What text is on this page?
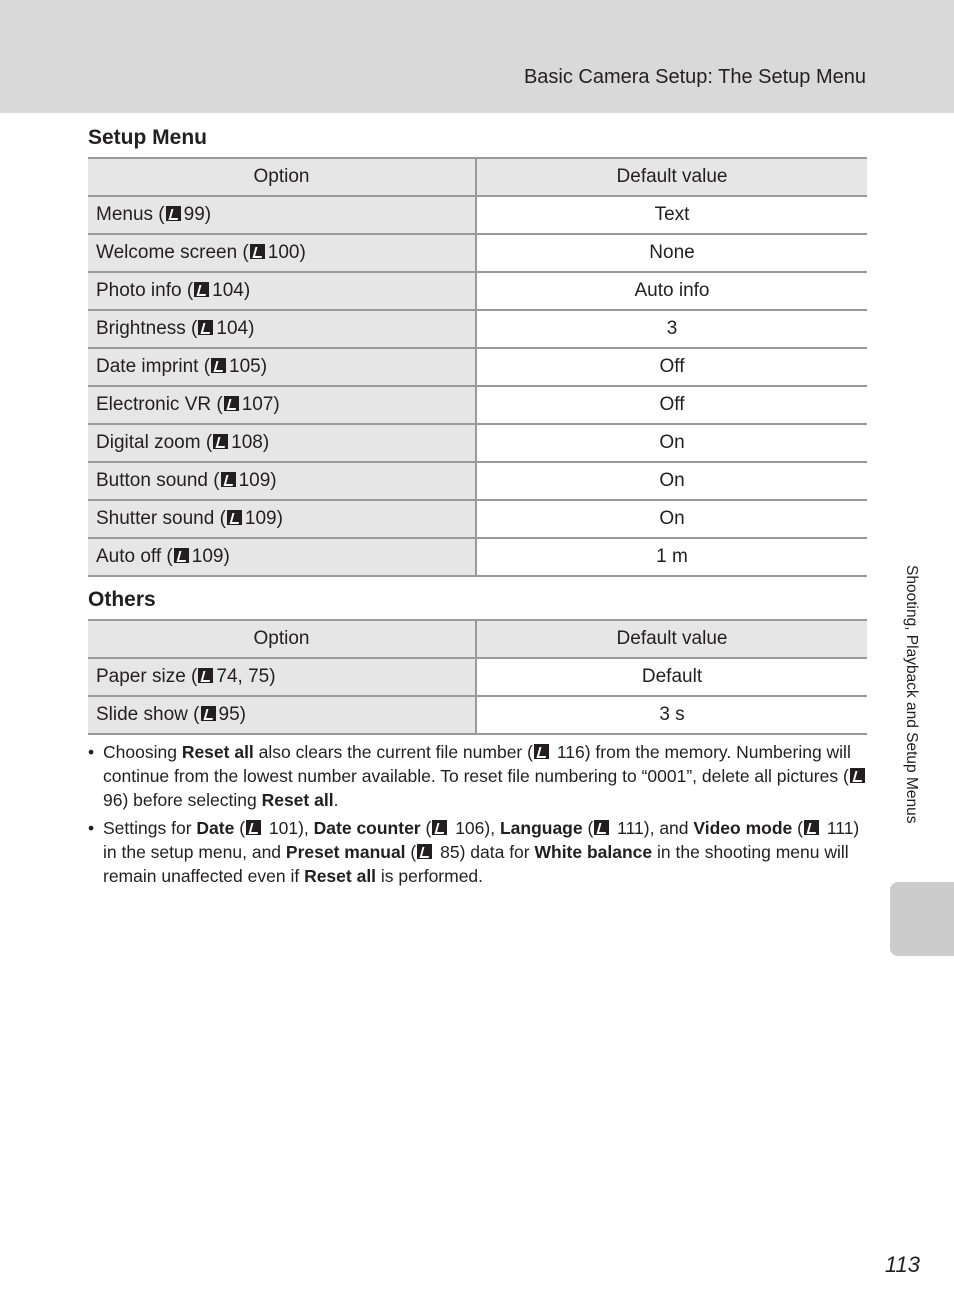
Basic Camera Setup: The Setup Menu
Setup Menu
Option	Default value
Menus ( 99)	Text
Welcome screen ( 100)	None
Photo info ( 104)	Auto info
Brightness ( 104)	3
Date imprint ( 105)	Off
Electronic VR ( 107)	Off
Digital zoom ( 108)	On
Button sound ( 109)	On
Shutter sound ( 109)	On
Auto off ( 109)	1 m
Others
Option	Default value
Paper size ( 74, 75)	Default
Slide show ( 95)	3 s
• Choosing Reset all also clears the current file number ( 116) from the memory. Numbering will continue from the lowest number available. To reset file numbering to “0001”, delete all pictures ( 96) before selecting Reset all.
• Settings for Date ( 101), Date counter ( 106), Language ( 111), and Video mode ( 111) in the setup menu, and Preset manual ( 85) data for White balance in the shooting menu will remain unaffected even if Reset all is performed.
Shooting, Playback and Setup Menus
113
